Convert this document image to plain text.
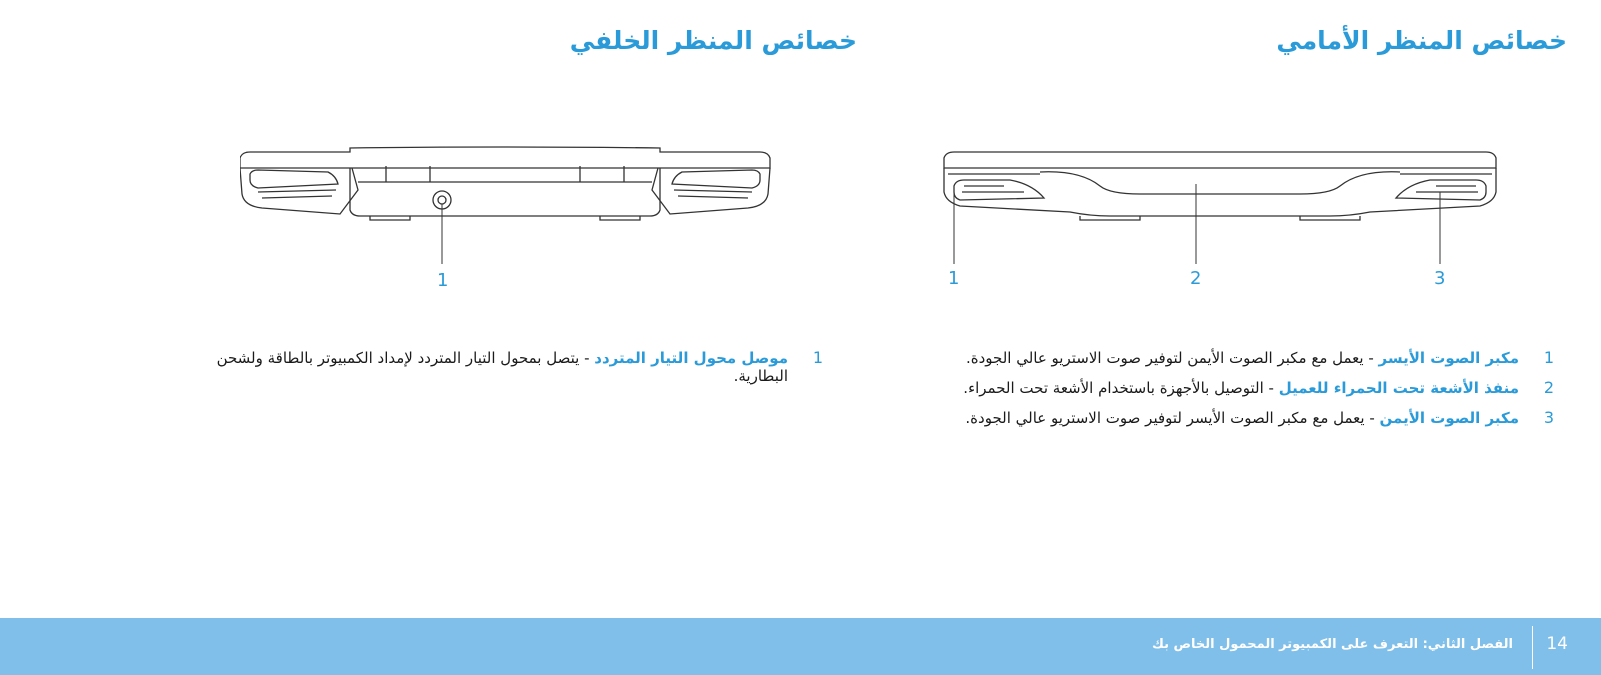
خصائص المنظر الأمامي
خصائص المنظر الخلفي
1	2	3
1
1
مكبر الصوت الأيسر - يعمل مع مكبر الصوت الأيمن لتوفير صوت الاستريو عالي الجودة.
2
منفذ الأشعة تحت الحمراء للعميل - التوصيل بالأجهزة باستخدام الأشعة تحت الحمراء.
3
مكبر الصوت الأيمن - يعمل مع مكبر الصوت الأيسر لتوفير صوت الاستريو عالي الجودة.
1
موصل محول التيار المتردد - يتصل بمحول التيار المتردد لإمداد الكمبيوتر بالطاقة ولشحن البطارية.
14
الفصل الثاني: التعرف على الكمبيوتر المحمول الخاص بك
